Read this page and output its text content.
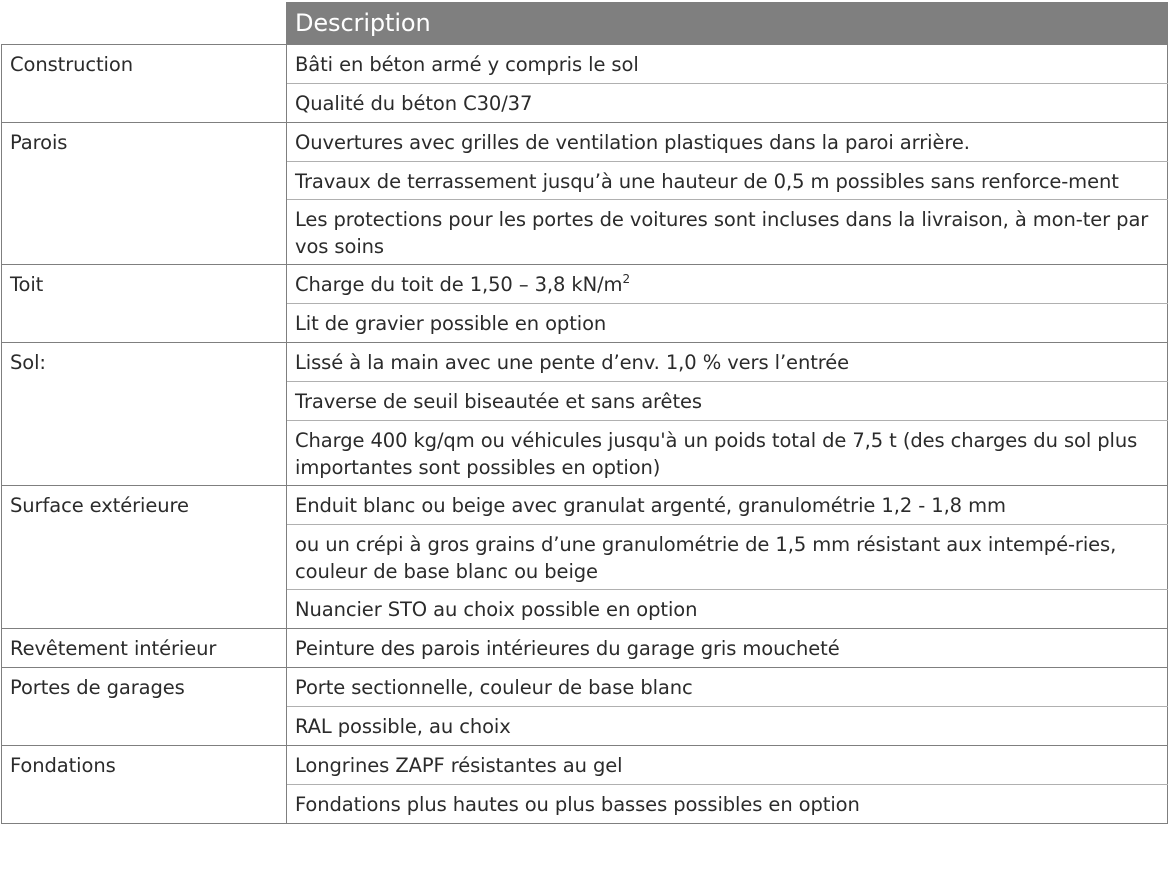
	Description
Construction	Bâti en béton armé y compris le sol
	Qualité du béton C30/37
Parois	Ouvertures avec grilles de ventilation plastiques dans la paroi arrière.
	Travaux de terrassement jusqu’à une hauteur de 0,5 m possibles sans renforce-ment
	Les protections pour les portes de voitures sont incluses dans la livraison, à mon-ter par vos soins
Toit	Charge du toit de 1,50 – 3,8 $kN/m^2$
	Lit de gravier possible en option
Sol:	Lissé à la main avec une pente d’env. 1,0 % vers l’entrée
	Traverse de seuil biseautée et sans arêtes
	Charge 400 kg/qm ou véhicules jusqu'à un poids total de 7,5 t (des charges du sol plus importantes sont possibles en option)
Surface extérieure	Enduit blanc ou beige avec granulat argenté, granulométrie 1,2 - 1,8 mm
	ou un crépi à gros grains d’une granulométrie de 1,5 mm résistant aux intempé-ries, couleur de base blanc ou beige
	Nuancier STO au choix possible en option
Revêtement intérieur	Peinture des parois intérieures du garage gris moucheté
Portes de garages	Porte sectionnelle, couleur de base blanc
	RAL possible, au choix
Fondations	Longrines ZAPF résistantes au gel
	Fondations plus hautes ou plus basses possibles en option
